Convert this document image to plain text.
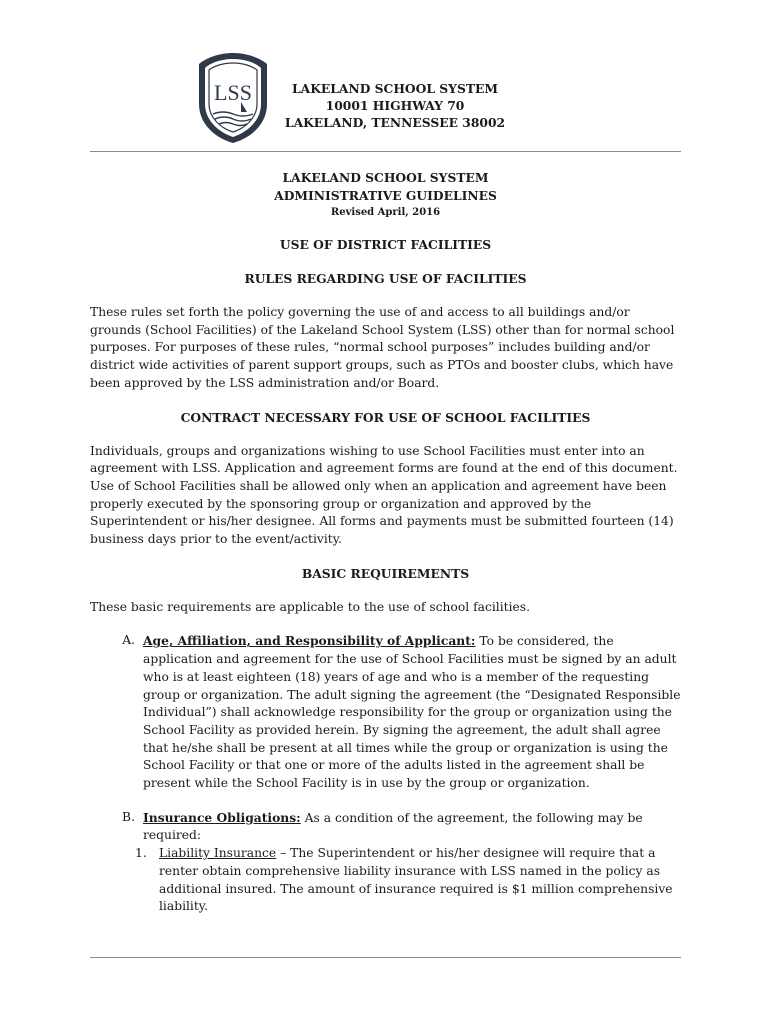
LSS	LAKELAND SCHOOL SYSTEM
10001 HIGHWAY 70
LAKELAND, TENNESSEE 38002
LAKELAND SCHOOL SYSTEM
ADMINISTRATIVE GUIDELINES
Revised April, 2016
USE OF DISTRICT FACILITIES
RULES REGARDING USE OF FACILITIES

These rules set forth the policy governing the use of and access to all buildings and/or grounds (School Facilities) of the Lakeland School System (LSS) other than for normal school purposes. For purposes of these rules, “normal school purposes” includes building and/or district wide activities of parent support groups, such as PTOs and booster clubs, which have been approved by the LSS administration and/or Board.

CONTRACT NECESSARY FOR USE OF SCHOOL FACILITIES

Individuals, groups and organizations wishing to use School Facilities must enter into an agreement with LSS. Application and agreement forms are found at the end of this document. Use of School Facilities shall be allowed only when an application and agreement have been properly executed by the sponsoring group or organization and approved by the Superintendent or his/her designee. All forms and payments must be submitted fourteen (14) business days prior to the event/activity.

BASIC REQUIREMENTS

These basic requirements are applicable to the use of school facilities.

A. Age, Affiliation, and Responsibility of Applicant: To be considered, the application and agreement for the use of School Facilities must be signed by an adult who is at least eighteen (18) years of age and who is a member of the requesting group or organization. The adult signing the agreement (the “Designated Responsible Individual”) shall acknowledge responsibility for the group or organization using the School Facility as provided herein. By signing the agreement, the adult shall agree that he/she shall be present at all times while the group or organization is using the School Facility or that one or more of the adults listed in the agreement shall be present while the School Facility is in use by the group or organization.
B. Insurance Obligations: As a condition of the agreement, the following may be required:
1. Liability Insurance – The Superintendent or his/her designee will require that a renter obtain comprehensive liability insurance with LSS named in the policy as additional insured. The amount of insurance required is $1 million comprehensive liability.
